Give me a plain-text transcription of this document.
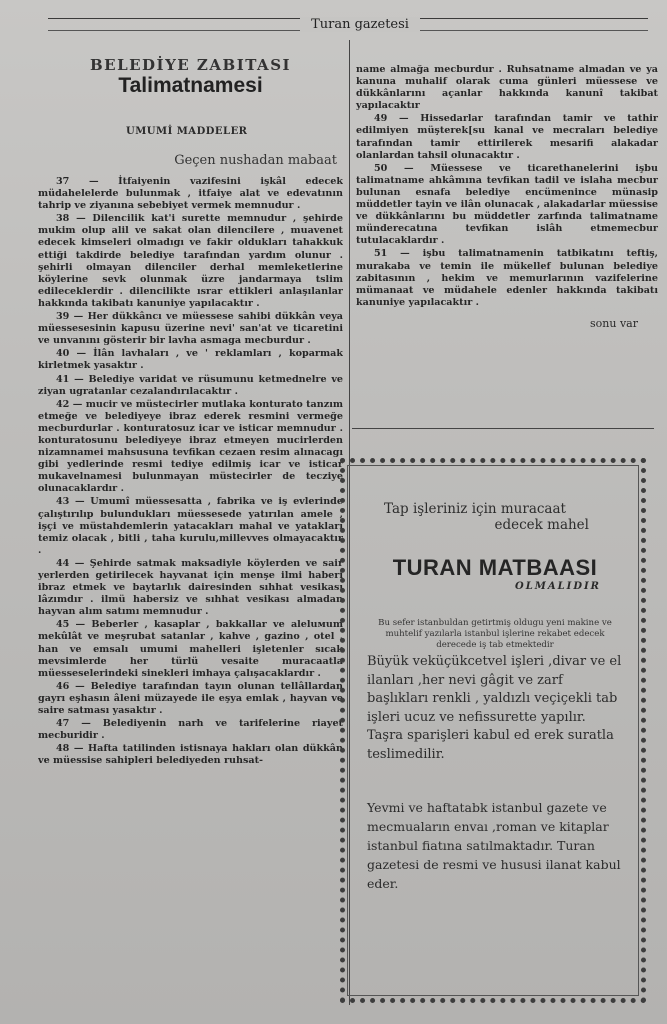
Turan gazetesi
BELEDİYE ZABITASI
Talimatnamesi
UMUMİ MADDELER
Geçen nushadan mabaat

37 — İtfaiyenin vazifesini işkâl edecek müdahelelerde bulunmak , itfaiye alat ve edevatının tahrip ve ziyanına sebebiyet vermek memnudur .

38 — Dilencilik kat'i surette memnudur , şehirde mukim olup alil ve sakat olan dilencilere , muavenet edecek kimseleri olmadıgı ve fakir oldukları tahakkuk ettiği takdirde belediye tarafından yardım olunur . şehirli olmayan dilenciler derhal memleketlerine köylerine sevk olunmak üzre jandarmaya tslim edileceklerdir . dilencilikte ısrar ettikleri anlaşılanlar hakkında takibatı kanuniye yapılacaktır .

39 — Her dükkâncı ve müessese sahibi dükkân veya müessesesinin kapusu üzerine nevi' san'at ve ticaretini ve unvanını gösterir bir lavha asmaga mecburdur .

40 — İlân lavhaları , ve ' reklamları , koparmak kirletmek yasaktır .

41 — Belediye varidat ve rüsumunu ketmednelre ve ziyan ugratanlar cezalandırılacaktır .

42 — mucir ve müstecirler mutlaka konturato tanzım etmeğe ve belediyeye ibraz ederek resmini vermeğe mecburdurlar . konturatosuz icar ve isticar memnudur . konturatosunu belediyeye ibraz etmeyen mucirlerden nizamnamei mahsusuna tevfikan cezaen resim alınacagı gibi yedlerinde resmi tediye edilmiş icar ve isticar mukavelnamesi bulunmayan müstecirler de tecziye olunacaklardır .

43 — Umumî müessesatta , fabrika ve iş evlerinde çalıştırılıp bulundukları müessesede yatırılan amele , işçi ve müstahdemlerin yatacakları mahal ve yatakları temiz olacak , bitli , taha kurulu,millevves olmayacaktır .

44 — Şehirde satmak maksadiyle köylerden ve sair yerlerden getirilecek hayvanat için menşe ilmi haberi ibraz etmek ve baytarlık dairesinden sıhhat vesikası lâzımdır . ilmü habersiz ve sıhhat vesikası almadan hayvan alım satımı memnudur .

45 — Beberler , kasaplar , bakkallar ve aleluмum mekûlât ve meşrubat satanlar , kahve , gazino , otel , han ve emsalı umumi mahelleri işletenler sıcak mevsimlerde her türlü vesaite muracaatla müesseselerindeki sinekleri imhaya çalışacaklardır .

46 — Belediye tarafından tayın olunan tellâllardan gayrı eşhasın âleni müzayede ile eşya emlak , hayvan ve saire satması yasaktır .

47 — Belediyenin narh ve tarifelerine riayet mecburidir .

48 — Hafta tatilinden istisnaya hakları olan dükkân ve müessise sahipleri belediyeden ruhsat-

name almağa mecburdur . Ruhsatname almadan ve ya kanuna muhalif olarak cuma günleri müessese ve dükkânlarını açanlar hakkında kanunî takibat yapılacaktır

49 — Hissedarlar tarafından tamir ve tathir edilmiyen müşterek[su kanal ve mecraları belediye tarafından tamir ettirilerek mesarifi alakadar olanlardan tahsil olunacaktır .

50 — Müessese ve ticarethanelerini işbu talimatname ahkâmına tevfikan tadil ve islaha mecbur bulunan esnafa belediye encümenince münasip müddetler tayin ve ilân olunacak , alakadarlar müessise ve dükkânlarını bu müddetler zarfında talimatname münderecatına tevfikan islâh etmemecbur tutulacaklardır .

51 — işbu talimatnamenin tatbikatını teftiş, murakaba ve temin ile mükellef bulunan belediye zabitasının , hekim ve memurlarının vazifelerine mümanaat ve müdahele edenler hakkında takibatı kanuniye yapılacaktır .

sonu var
Tap işleriniz için muracaat
edecek mahel
TURAN MATBAASI
OLMALIDIR
Bu sefer istanbuldan getirtmiş oldugu yeni makine ve muhtelif yazılarla istanbul işlerine rekabet edecek derecede iş tab etmektedir
Büyük veküçükcetvel işleri ,divar ve el ilanları ,her nevi gâgit ve zarf başlıkları renkli , yaldızlı veçiçekli tab işleri ucuz ve nefissurette yapılır. Taşra sparişleri kabul ed erek suratla teslimedilir.
Yevmi ve haftatabk istanbul gazete ve mecmuaların envaı ,roman ve kitaplar istanbul fiatına satılmaktadır. Turan gazetesi de resmi ve hususi ilanat kabul eder.
